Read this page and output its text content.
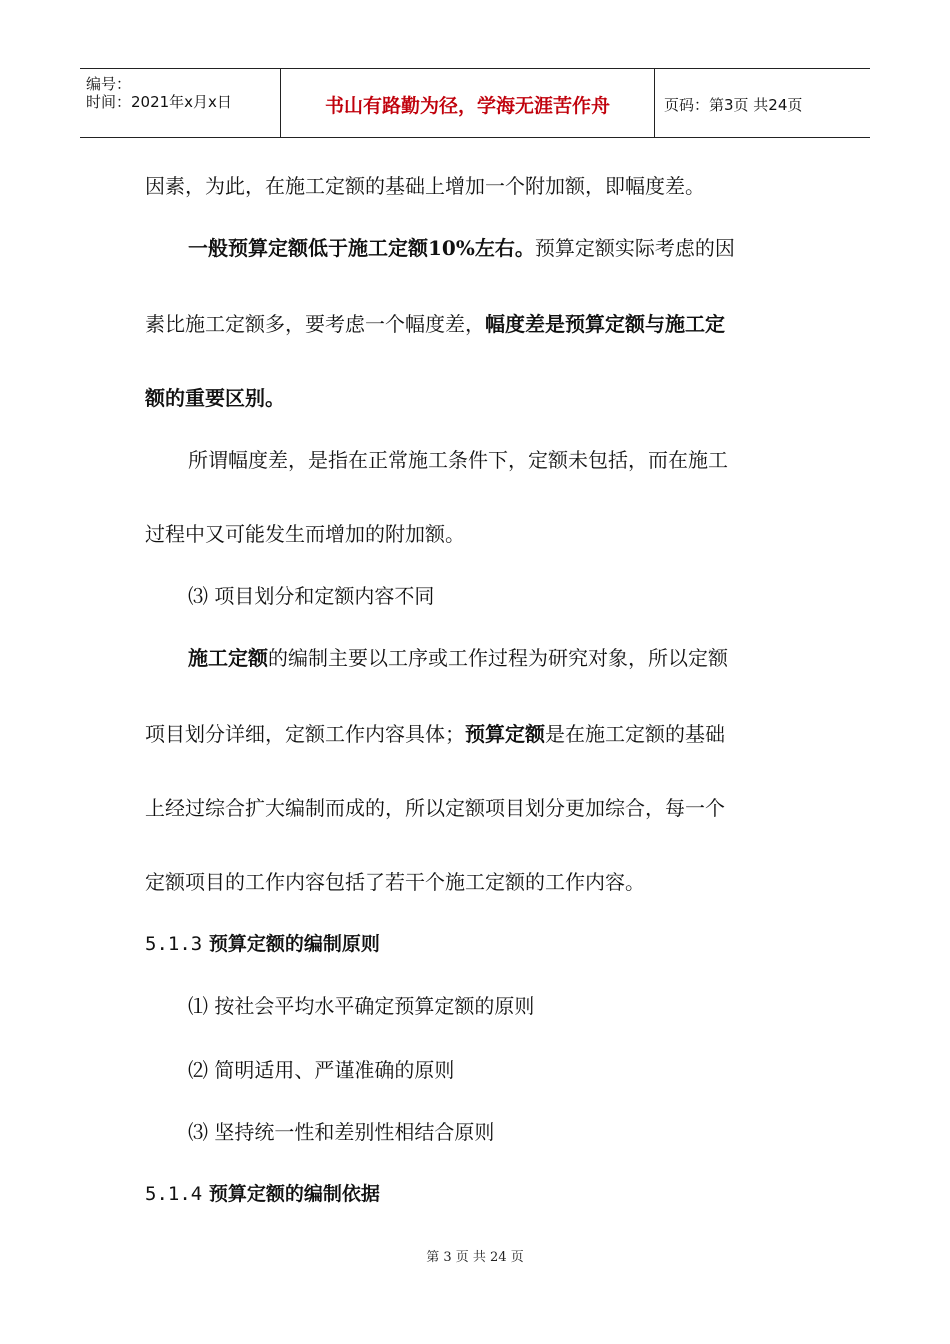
编号：
时间：2021年x月x日	书山有路勤为径，学海无涯苦作舟	页码：第3页 共24页
因素，为此，在施工定额的基础上增加一个附加额，即幅度差。
一般预算定额低于施工定额10%左右。预算定额实际考虑的因
素比施工定额多，要考虑一个幅度差，幅度差是预算定额与施工定
额的重要区别。
所谓幅度差，是指在正常施工条件下，定额未包括，而在施工
过程中又可能发生而增加的附加额。
⑶ 项目划分和定额内容不同
施工定额的编制主要以工序或工作过程为研究对象，所以定额
项目划分详细，定额工作内容具体；预算定额是在施工定额的基础
上经过综合扩大编制而成的，所以定额项目划分更加综合，每一个
定额项目的工作内容包括了若干个施工定额的工作内容。
5.1.3 预算定额的编制原则
⑴ 按社会平均水平确定预算定额的原则
⑵ 简明适用、严谨准确的原则
⑶ 坚持统一性和差别性相结合原则
5.1.4 预算定额的编制依据
第 3 页 共 24 页
